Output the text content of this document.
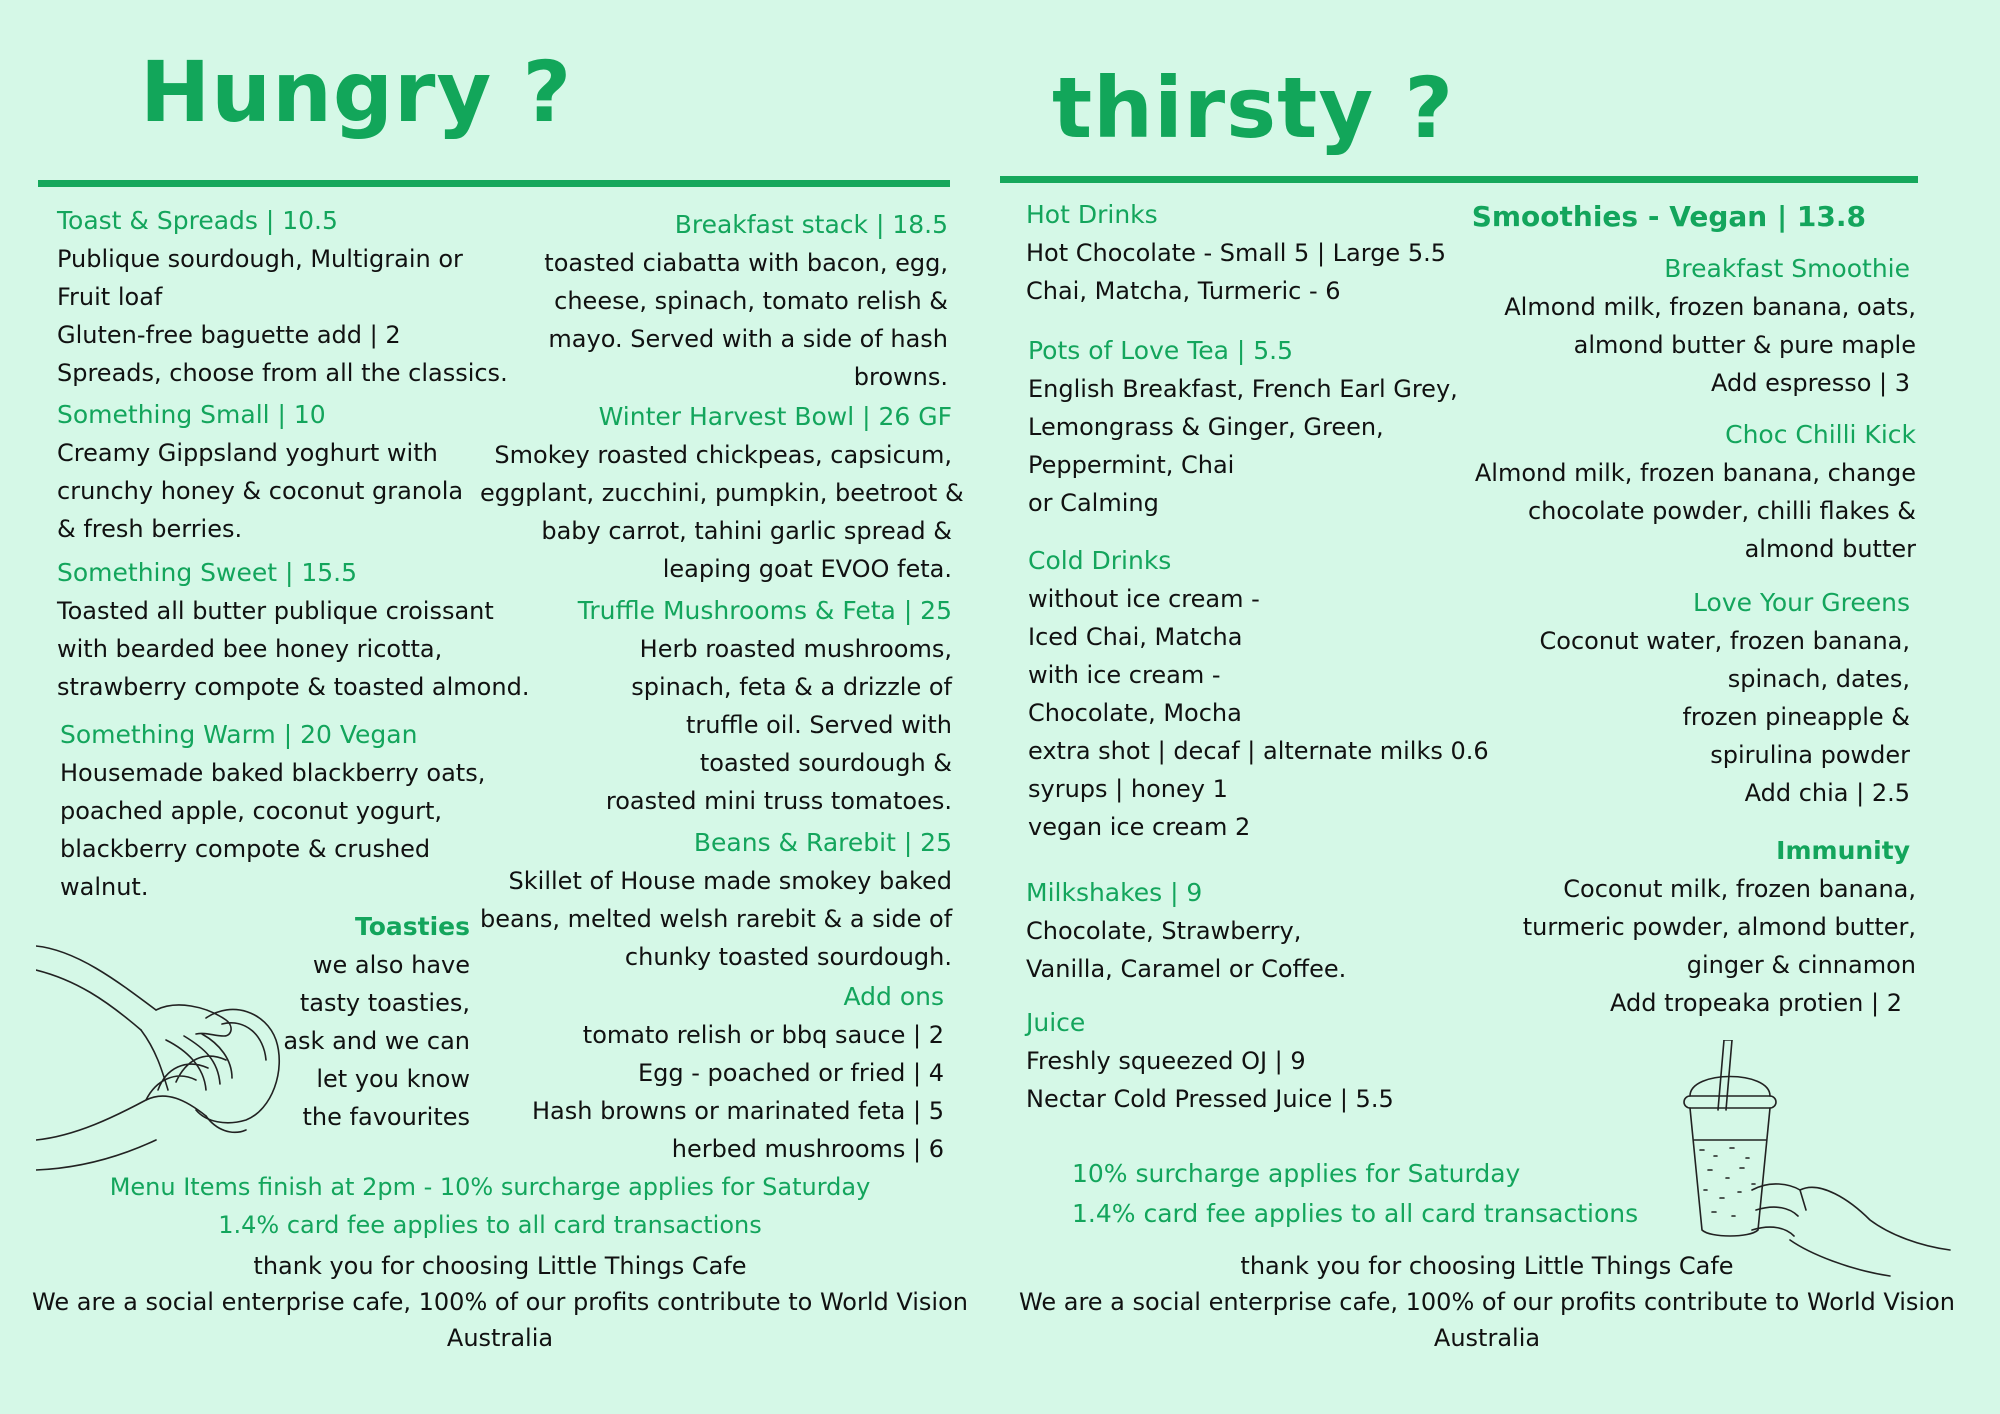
Hungry ?	thirsty ?
Toast & Spreads | 10.5
Publique sourdough, Multigrain or
Fruit loaf
Gluten-free baguette add | 2
Spreads, choose from all the classics.
Something Small | 10
Creamy Gippsland yoghurt with
crunchy honey & coconut granola
& fresh berries.
Something Sweet | 15.5
Toasted all butter publique croissant
with bearded bee honey ricotta,
strawberry compote & toasted almond.
Something Warm | 20 Vegan
Housemade baked blackberry oats,
poached apple, coconut yogurt,
blackberry compote & crushed
walnut.
Toasties
we also have
tasty toasties,
ask and we can
let you know
the favourites
Breakfast stack | 18.5
toasted ciabatta with bacon, egg,
cheese, spinach, tomato relish &
mayo. Served with a side of hash
browns.
Winter Harvest Bowl | 26 GF
Smokey roasted chickpeas, capsicum,
eggplant, zucchini, pumpkin, beetroot &
baby carrot, tahini garlic spread &
leaping goat EVOO feta.
Truffle Mushrooms & Feta | 25
Herb roasted mushrooms,
spinach, feta & a drizzle of
truffle oil. Served with
toasted sourdough &
roasted mini truss tomatoes.
Beans & Rarebit | 25
Skillet of House made smokey baked
beans, melted welsh rarebit & a side of
chunky toasted sourdough.
Add ons
tomato relish or bbq sauce | 2
Egg - poached or fried | 4
Hash browns or marinated feta | 5
herbed mushrooms | 6
Menu Items finish at 2pm - 10% surcharge applies for Saturday
1.4% card fee applies to all card transactions
thank you for choosing Little Things Cafe
We are a social enterprise cafe, 100% of our profits contribute to World Vision
Australia
Hot Drinks
Hot Chocolate - Small 5 | Large 5.5
Chai, Matcha, Turmeric - 6
Pots of Love Tea | 5.5
English Breakfast, French Earl Grey,
Lemongrass & Ginger, Green,
Peppermint, Chai
or Calming
Cold Drinks
without ice cream -
Iced Chai, Matcha
with ice cream -
Chocolate, Mocha
extra shot | decaf | alternate milks 0.6
syrups | honey 1
vegan ice cream 2
Milkshakes | 9
Chocolate, Strawberry,
Vanilla, Caramel or Coffee.
Juice
Freshly squeezed OJ | 9
Nectar Cold Pressed Juice | 5.5
Smoothies - Vegan | 13.8
Breakfast Smoothie
Almond milk, frozen banana, oats,
almond butter & pure maple
Add espresso | 3
Choc Chilli Kick
Almond milk, frozen banana, change
chocolate powder, chilli flakes &
almond butter
Love Your Greens
Coconut water, frozen banana,
spinach, dates,
frozen pineapple &
spirulina powder
Add chia | 2.5
Immunity
Coconut milk, frozen banana,
turmeric powder, almond butter,
ginger & cinnamon
Add tropeaka protien | 2
10% surcharge applies for Saturday
1.4% card fee applies to all card transactions
thank you for choosing Little Things Cafe
We are a social enterprise cafe, 100% of our profits contribute to World Vision
Australia
